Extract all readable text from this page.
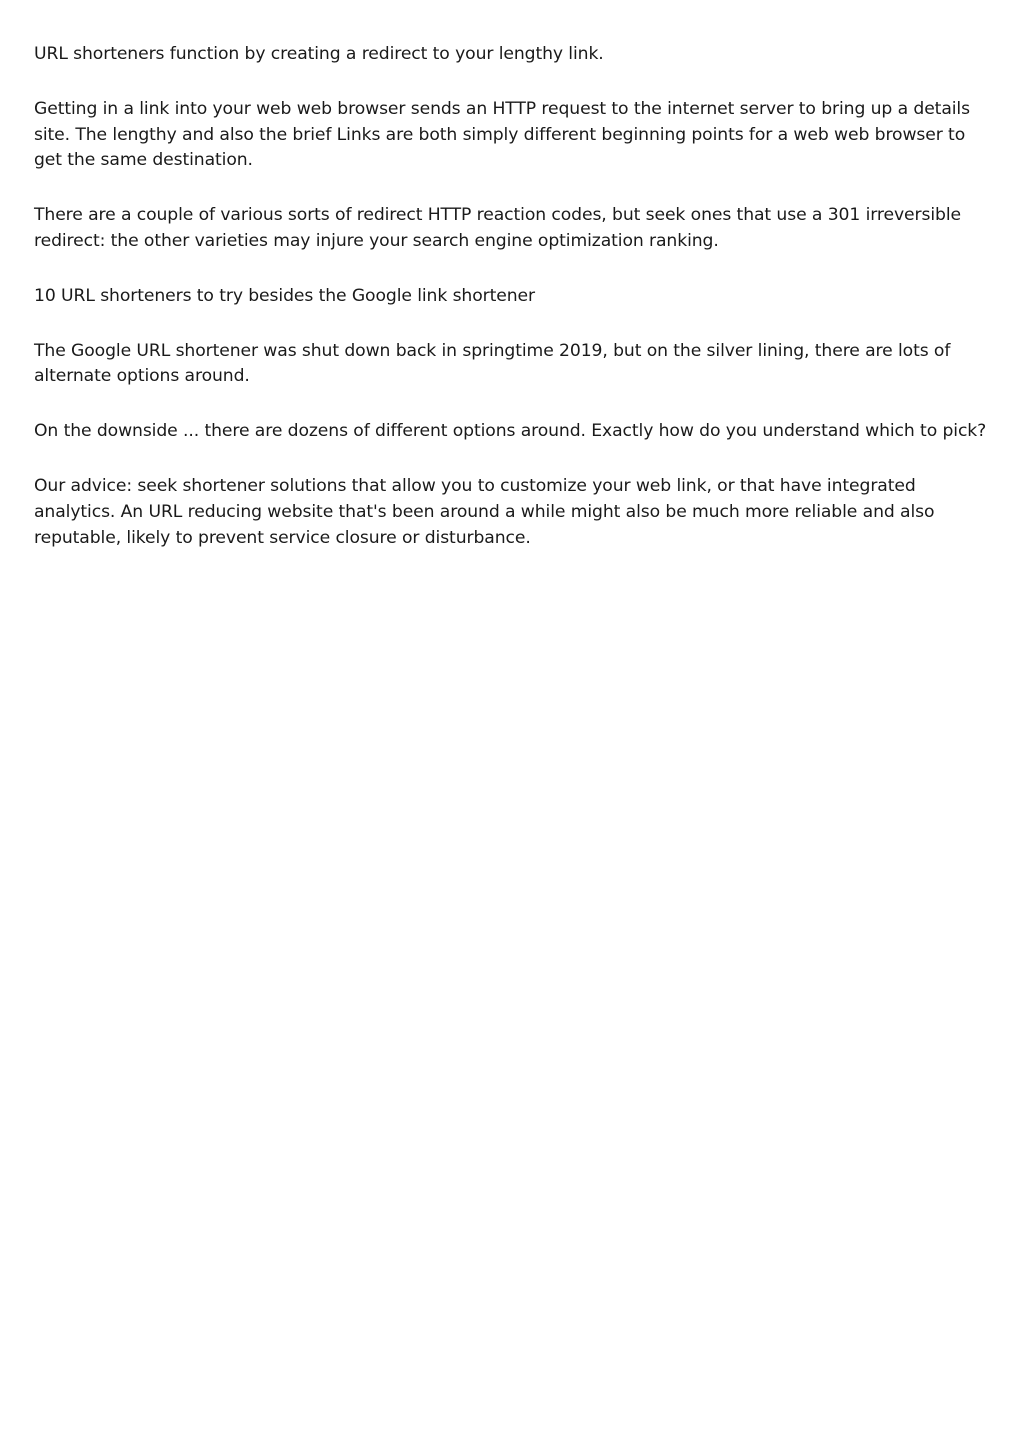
URL shorteners function by creating a redirect to your lengthy link.

Getting in a link into your web web browser sends an HTTP request to the internet server to bring up a details site. The lengthy and also the brief Links are both simply different beginning points for a web web browser to get the same destination.

There are a couple of various sorts of redirect HTTP reaction codes, but seek ones that use a 301 irreversible redirect: the other varieties may injure your search engine optimization ranking.

10 URL shorteners to try besides the Google link shortener

The Google URL shortener was shut down back in springtime 2019, but on the silver lining, there are lots of alternate options around.

On the downside ... there are dozens of different options around. Exactly how do you understand which to pick?

Our advice: seek shortener solutions that allow you to customize your web link, or that have integrated analytics. An URL reducing website that's been around a while might also be much more reliable and also reputable, likely to prevent service closure or disturbance.
